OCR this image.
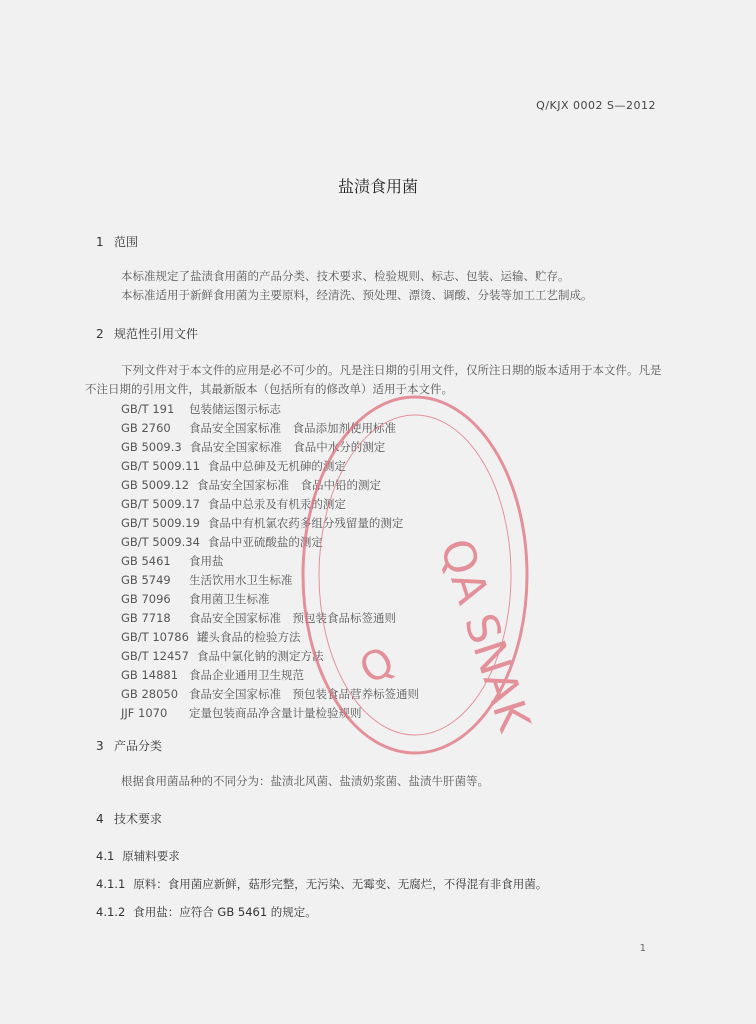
Q/KJX 0002 S—2012
盐渍食用菌
1 范围
本标准规定了盐渍食用菌的产品分类、技术要求、检验规则、标志、包装、运输、贮存。
本标准适用于新鲜食用菌为主要原料，经清洗、预处理、漂烫、调酸、分装等加工工艺制成。
2 规范性引用文件
下列文件对于本文件的应用是必不可少的。凡是注日期的引用文件，仅所注日期的版本适用于本文件。凡是不注日期的引用文件，其最新版本（包括所有的修改单）适用于本文件。
GB/T 191 包装储运图示标志
GB 2760 食品安全国家标准　食品添加剂使用标准
GB 5009.3 食品安全国家标准　食品中水分的测定
GB/T 5009.11 食品中总砷及无机砷的测定
GB 5009.12 食品安全国家标准　食品中铅的测定
GB/T 5009.17 食品中总汞及有机汞的测定
GB/T 5009.19 食品中有机氯农药多组分残留量的测定
GB/T 5009.34 食品中亚硫酸盐的测定
GB 5461 食用盐
GB 5749 生活饮用水卫生标准
GB 7096 食用菌卫生标准
GB 7718 食品安全国家标准　预包装食品标签通则
GB/T 10786 罐头食品的检验方法
GB/T 12457 食品中氯化钠的测定方法
GB 14881 食品企业通用卫生规范
GB 28050 食品安全国家标准　预包装食品营养标签通则
JJF 1070 定量包装商品净含量计量检验规则
3 产品分类
根据食用菌品种的不同分为：盐渍北风菌、盐渍奶浆菌、盐渍牛肝菌等。
4 技术要求
4.1 原辅料要求
4.1.1 原料：食用菌应新鲜，菇形完整，无污染、无霉变、无腐烂，不得混有非食用菌。
4.1.2 食用盐：应符合 GB 5461 的规定。
1
QA SNAK
Q
